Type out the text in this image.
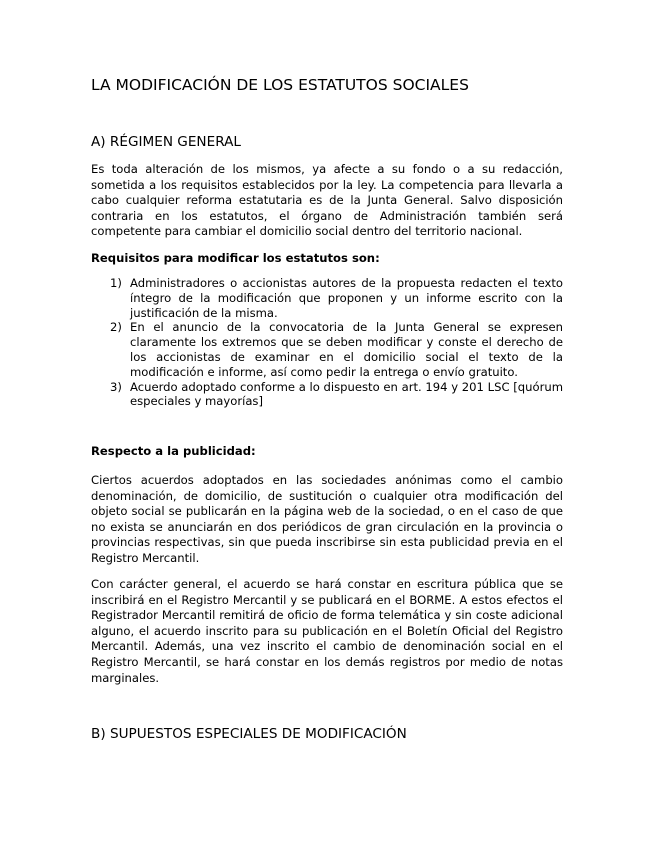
LA MODIFICACIÓN DE LOS ESTATUTOS SOCIALES
A) RÉGIMEN GENERAL

Es toda alteración de los mismos, ya afecte a su fondo o a su redacción, sometida a los requisitos establecidos por la ley. La competencia para llevarla a cabo cualquier reforma estatutaria es de la Junta General. Salvo disposición contraria en los estatutos, el órgano de Administración también será competente para cambiar el domicilio social dentro del territorio nacional.

Requisitos para modificar los estatutos son:
1) Administradores o accionistas autores de la propuesta redacten el texto íntegro de la modificación que proponen y un informe escrito con la justificación de la misma.
2) En el anuncio de la convocatoria de la Junta General se expresen claramente los extremos que se deben modificar y conste el derecho de los accionistas de examinar en el domicilio social el texto de la modificación e informe, así como pedir la entrega o envío gratuito.
3) Acuerdo adoptado conforme a lo dispuesto en art. 194 y 201 LSC [quórum especiales y mayorías]
Respecto a la publicidad:

Ciertos acuerdos adoptados en las sociedades anónimas como el cambio denominación, de domicilio, de sustitución o cualquier otra modificación del objeto social se publicarán en la página web de la sociedad, o en el caso de que no exista se anunciarán en dos periódicos de gran circulación en la provincia o provincias respectivas, sin que pueda inscribirse sin esta publicidad previa en el Registro Mercantil.

Con carácter general, el acuerdo se hará constar en escritura pública que se inscribirá en el Registro Mercantil y se publicará en el BORME. A estos efectos el Registrador Mercantil remitirá de oficio de forma telemática y sin coste adicional alguno, el acuerdo inscrito para su publicación en el Boletín Oficial del Registro Mercantil. Además, una vez inscrito el cambio de denominación social en el Registro Mercantil, se hará constar en los demás registros por medio de notas marginales.

B) SUPUESTOS ESPECIALES DE MODIFICACIÓN
